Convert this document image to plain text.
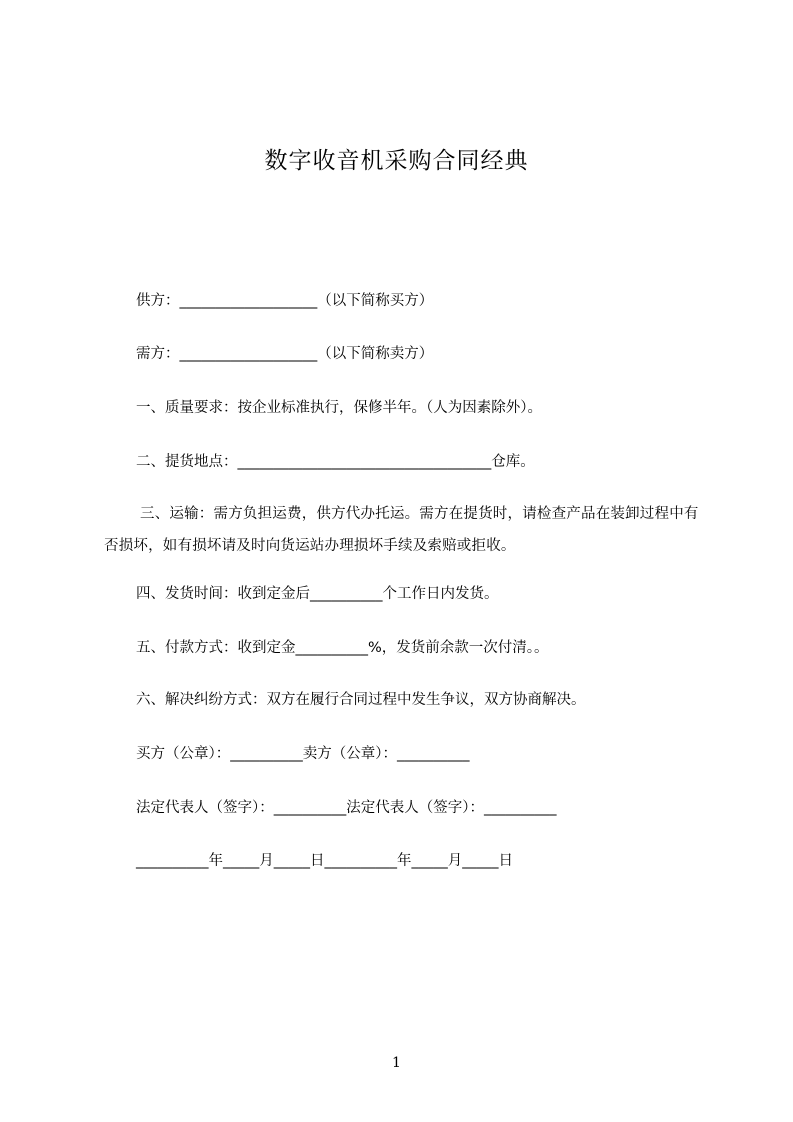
数字收音机采购合同经典
供方：___________________（以下简称买方）
需方：___________________（以下简称卖方）
一、质量要求：按企业标准执行，保修半年。（人为因素除外）。
二、提货地点：___________________________________仓库。
三、运输：需方负担运费，供方代办托运。需方在提货时，请检查产品在装卸过程中有否损坏，如有损坏请及时向货运站办理损坏手续及索赔或拒收。
四、发货时间：收到定金后__________个工作日内发货。
五、付款方式：收到定金__________%，发货前余款一次付清。。
六、解决纠纷方式：双方在履行合同过程中发生争议，双方协商解决。
买方（公章）：__________卖方（公章）：__________
法定代表人（签字）：__________法定代表人（签字）：__________
__________年_____月_____日__________年_____月_____日
1
